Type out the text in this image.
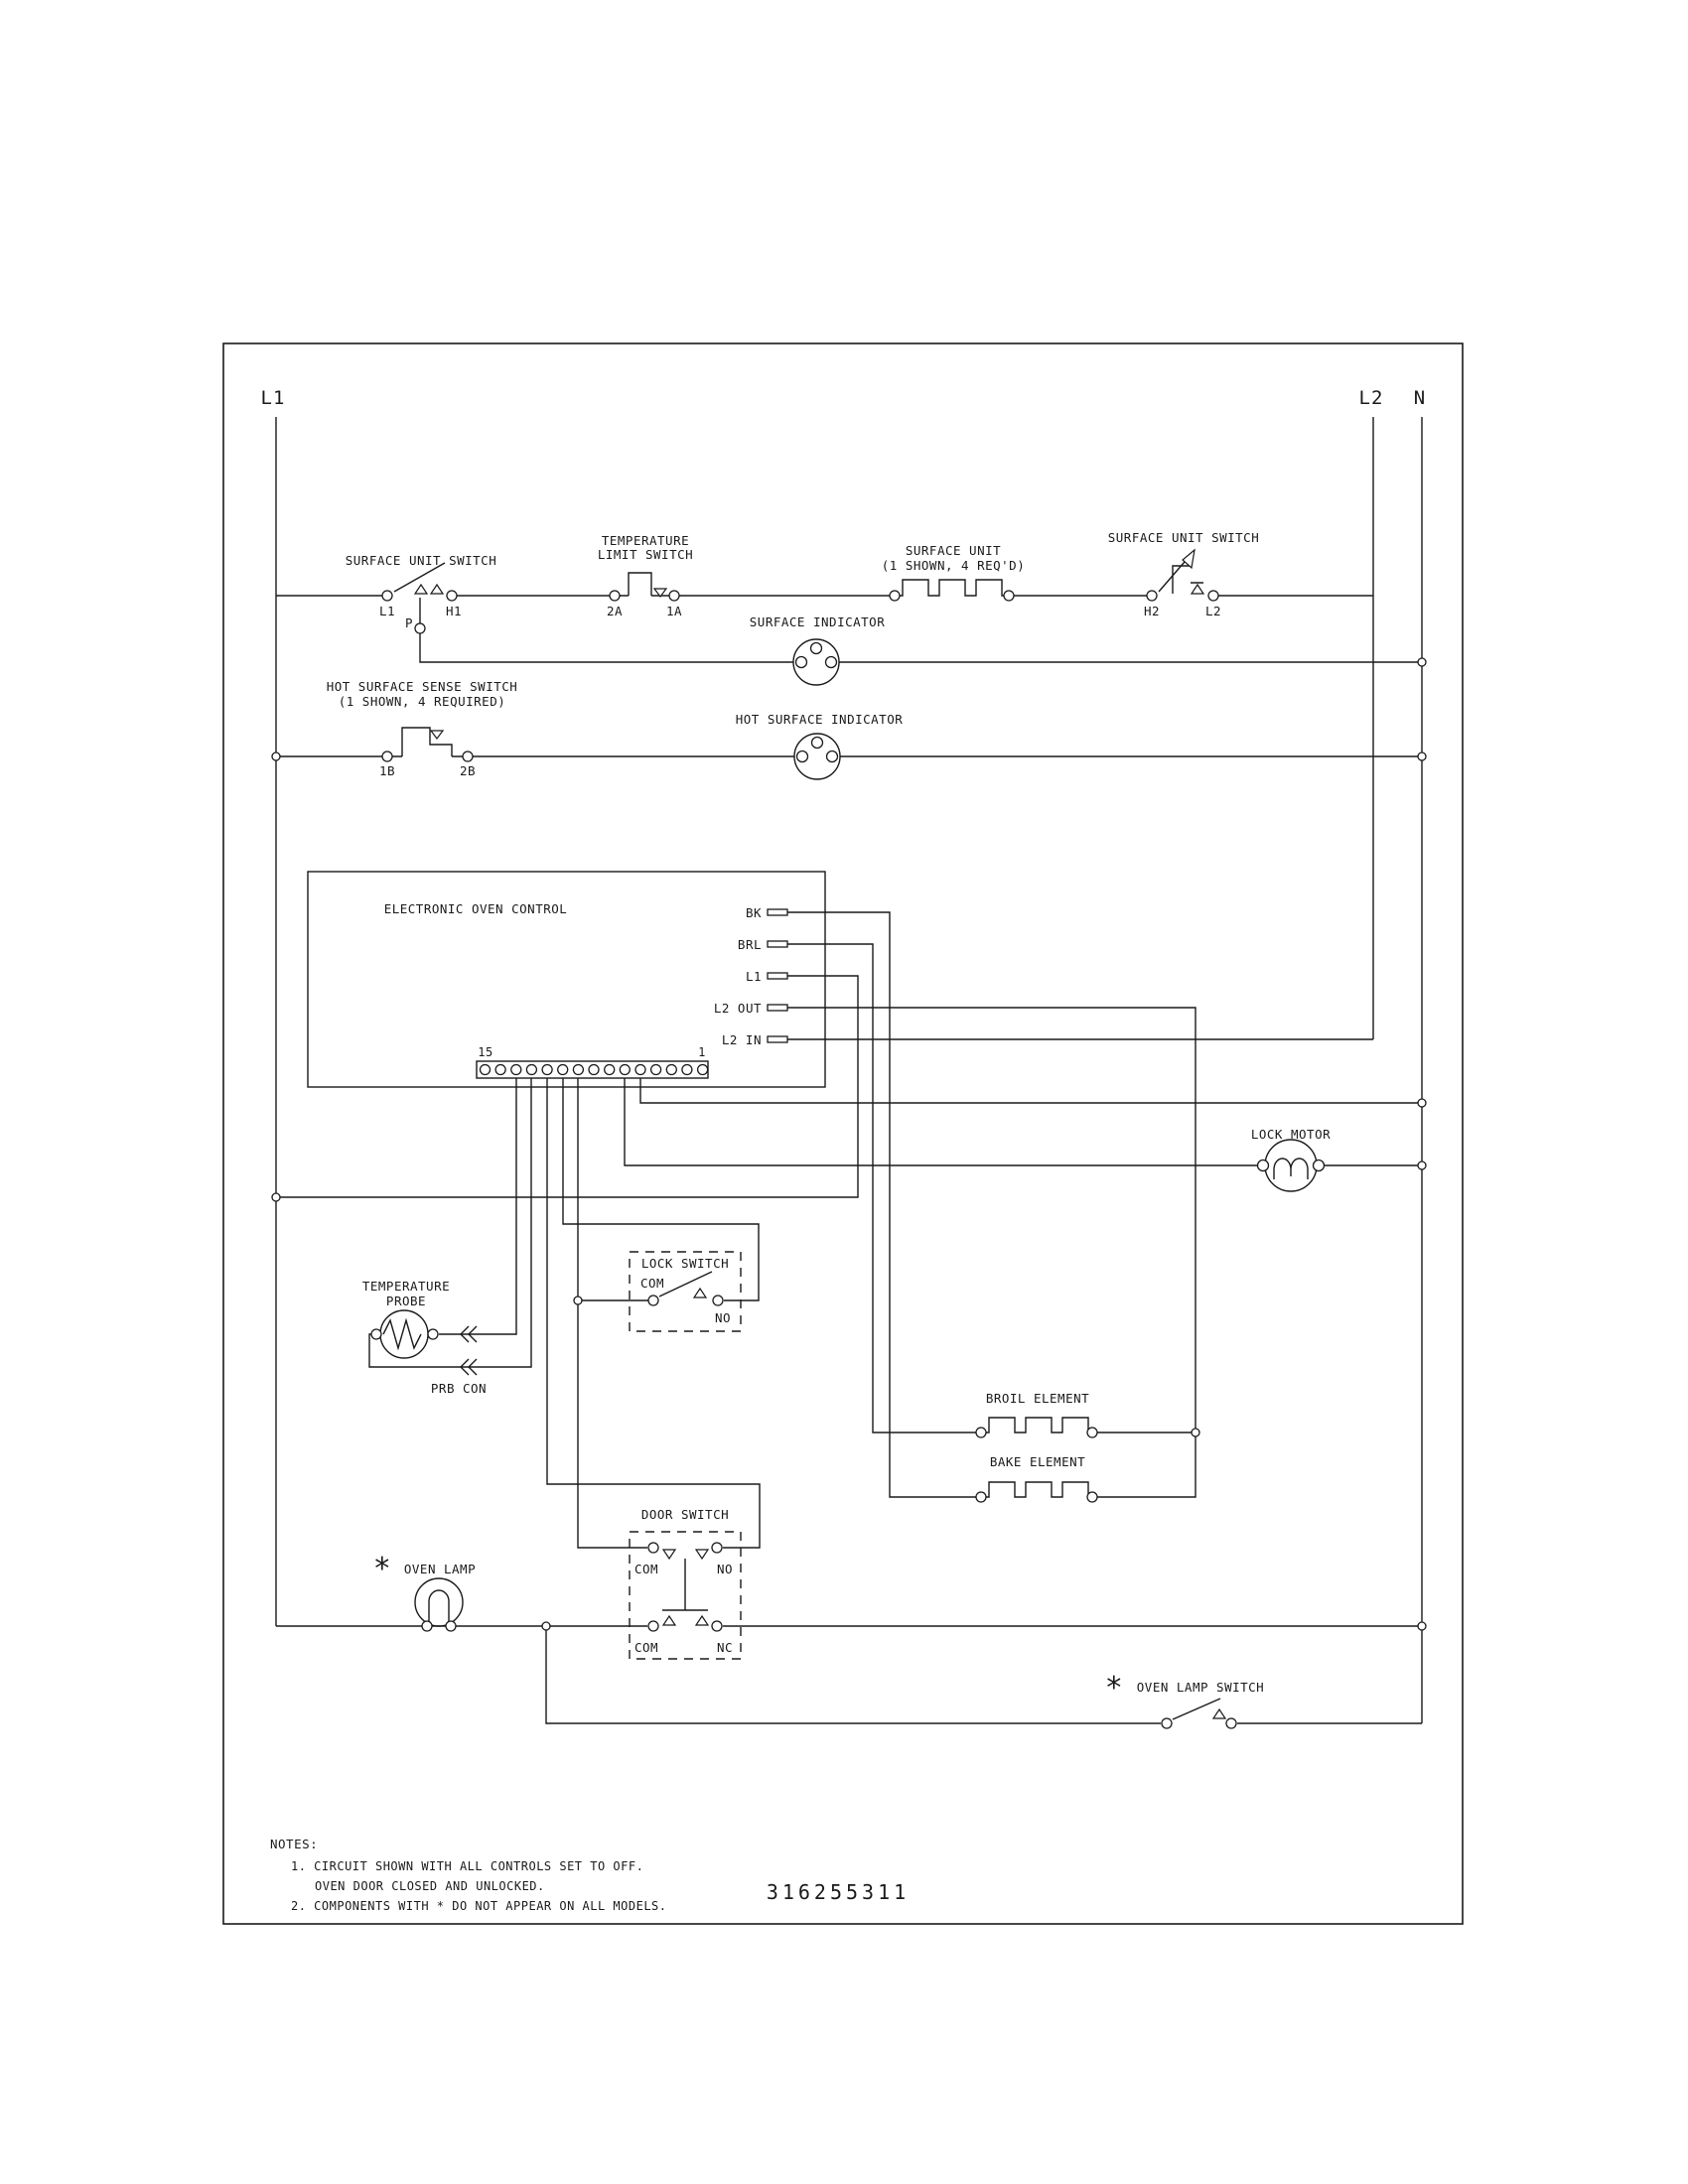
L1	L2 N
SURFACE UNIT SWITCH
L1
P
H1
TEMPERATURE
LIMIT SWITCH
2A	1A
SURFACE UNIT
(1 SHOWN, 4 REQ'D)
SURFACE UNIT SWITCH
H2	L2
SURFACE INDICATOR
HOT SURFACE SENSE SWITCH
(1 SHOWN, 4 REQUIRED)
1B	2B
HOT SURFACE INDICATOR
ELECTRONIC OVEN CONTROL
15	1
BK
BRL
L1
L2 OUT
L2 IN
LOCK MOTOR
TEMPERATURE
PROBE
PRB CON
LOCK SWITCH
COM
NO
BROIL ELEMENT
BAKE ELEMENT
DOOR SWITCH
COM	NO
COM	NC
* OVEN LAMP
* OVEN LAMP SWITCH
NOTES:
1. CIRCUIT SHOWN WITH ALL CONTROLS SET TO OFF.
OVEN DOOR CLOSED AND UNLOCKED.
2. COMPONENTS WITH * DO NOT APPEAR ON ALL MODELS.
316255311
